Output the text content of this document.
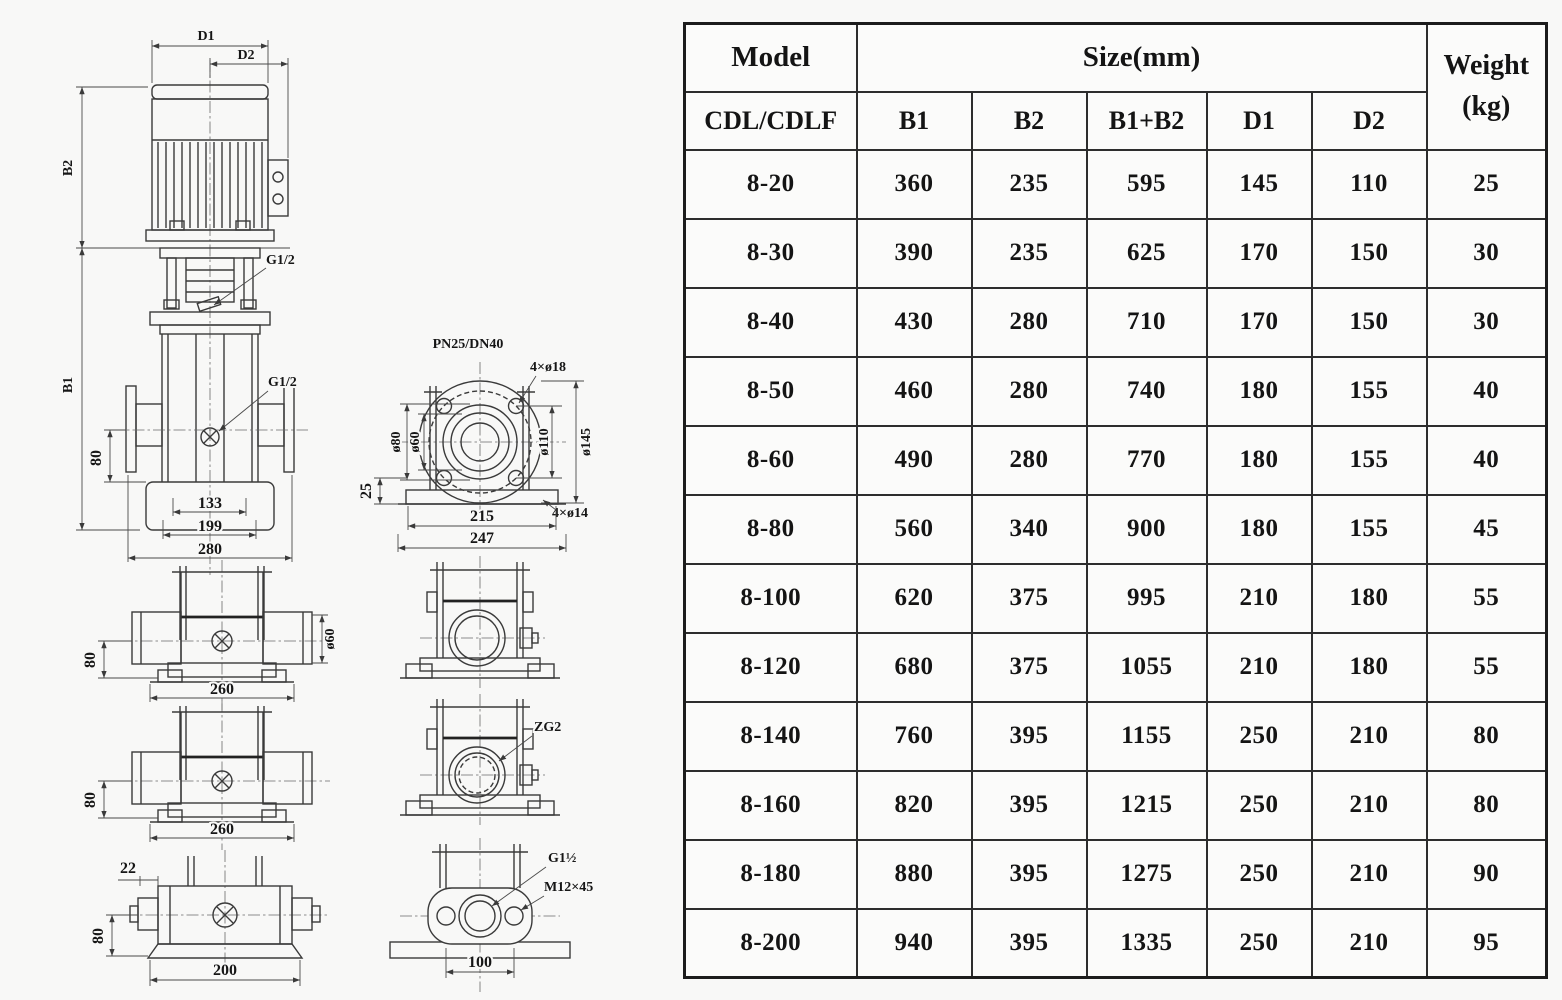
D1
D2
B2
B1
G1/2
G1/2
80
133
199
280
PN25/DN40
4×ø18
ø80 ø60	ø110 ø145
25
4×ø14
215
247
80
ø60
260
80
260
ZG2
22
80
200
G1½
M12×45
100
Model	Size(mm)					Weight
(kg)

CDL/CDLF	B1	B2	B1+B2	D1	D2	
8-20	360	235	595	145	110	25
8-30	390	235	625	170	150	30
8-40	430	280	710	170	150	30
8-50	460	280	740	180	155	40
8-60	490	280	770	180	155	40
8-80	560	340	900	180	155	45
8-100	620	375	995	210	180	55
8-120	680	375	1055	210	180	55
8-140	760	395	1155	250	210	80
8-160	820	395	1215	250	210	80
8-180	880	395	1275	250	210	90
8-200	940	395	1335	250	210	95
